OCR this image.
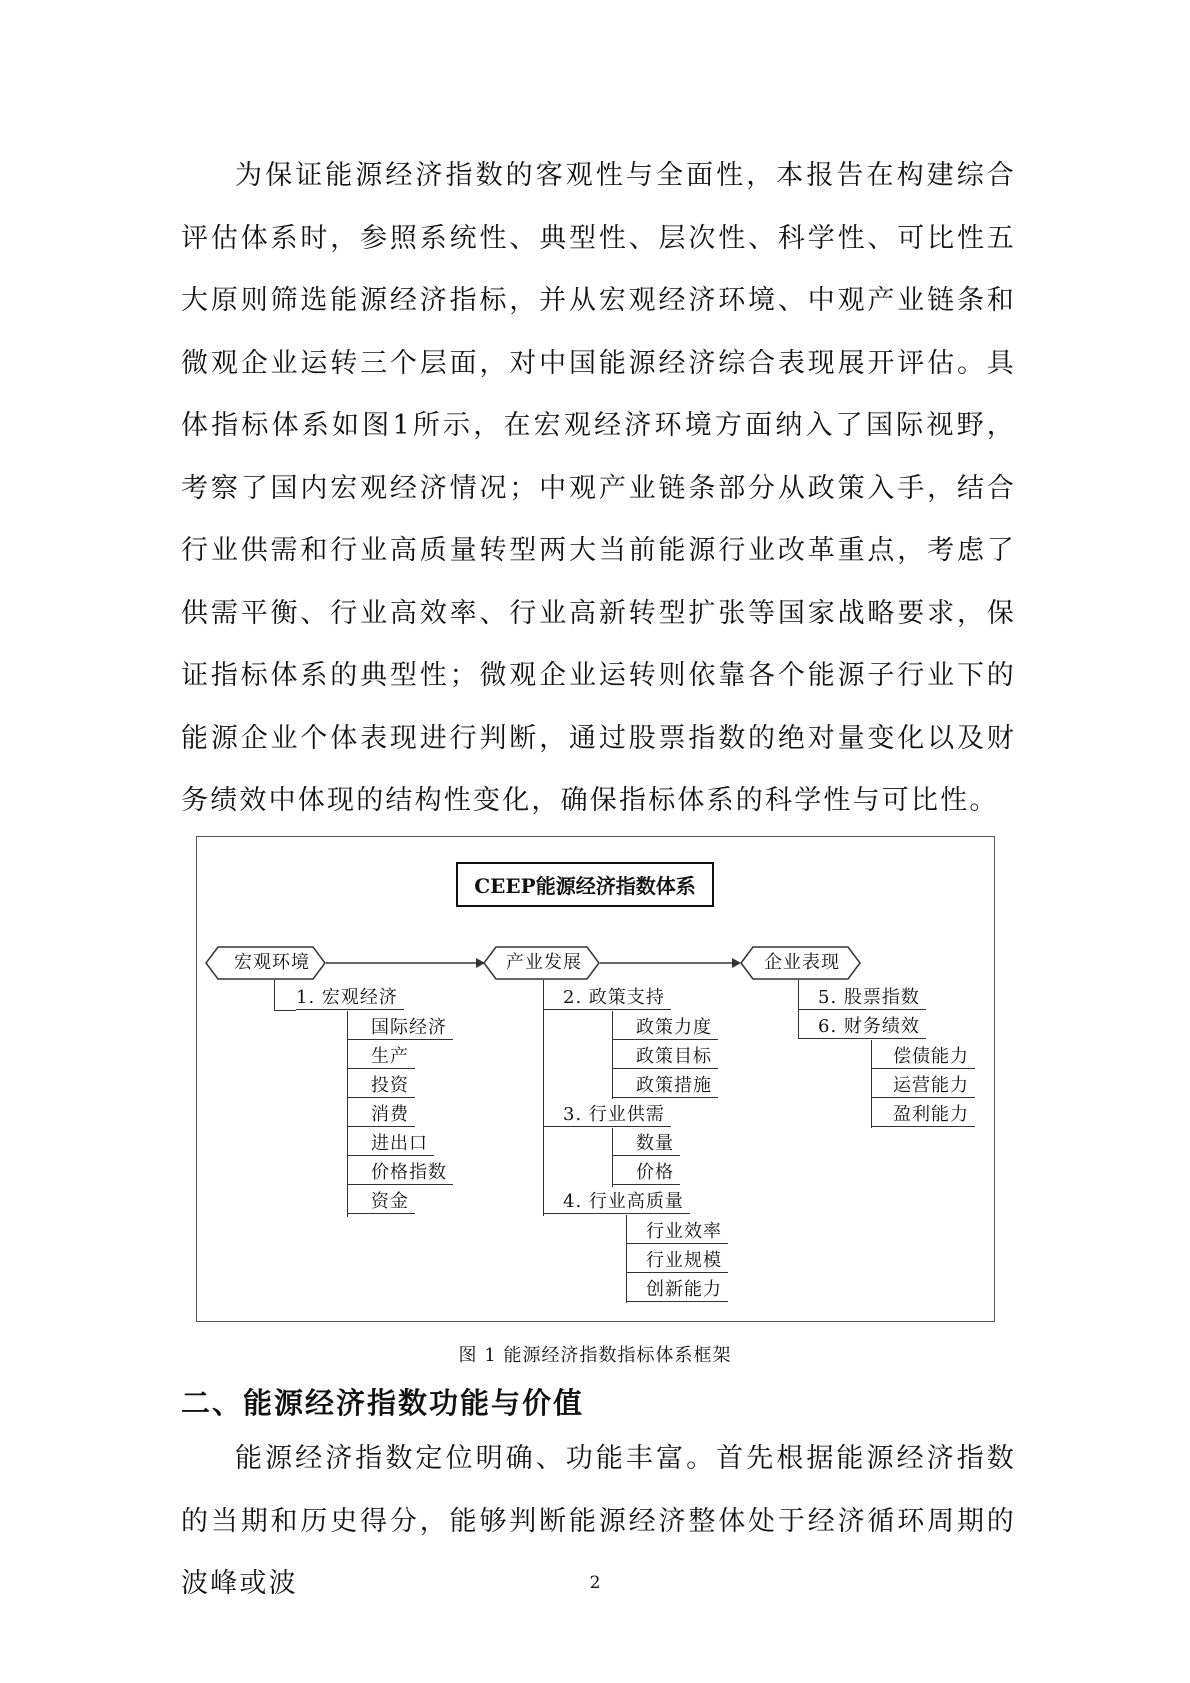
为保证能源经济指数的客观性与全面性，本报告在构建综合评估体系时，参照系统性、典型性、层次性、科学性、可比性五大原则筛选能源经济指标，并从宏观经济环境、中观产业链条和微观企业运转三个层面，对中国能源经济综合表现展开评估。具体指标体系如图1所示，在宏观经济环境方面纳入了国际视野，考察了国内宏观经济情况；中观产业链条部分从政策入手，结合行业供需和行业高质量转型两大当前能源行业改革重点，考虑了供需平衡、行业高效率、行业高新转型扩张等国家战略要求，保证指标体系的典型性；微观企业运转则依靠各个能源子行业下的能源企业个体表现进行判断，通过股票指数的绝对量变化以及财务绩效中体现的结构性变化，确保指标体系的科学性与可比性。

CEEP能源经济指数体系
宏观环境	产业发展	企业表现
1. 宏观经济
国际经济
生产
投资
消费
进出口
价格指数
资金
2. 政策支持
政策力度
政策目标
政策措施
3. 行业供需
数量
价格
4. 行业高质量
行业效率
行业规模
创新能力
5. 股票指数
6. 财务绩效
偿债能力
运营能力
盈利能力
图 1 能源经济指数指标体系框架
二、能源经济指数功能与价值

能源经济指数定位明确、功能丰富。首先根据能源经济指数的当期和历史得分，能够判断能源经济整体处于经济循环周期的波峰或波	2
